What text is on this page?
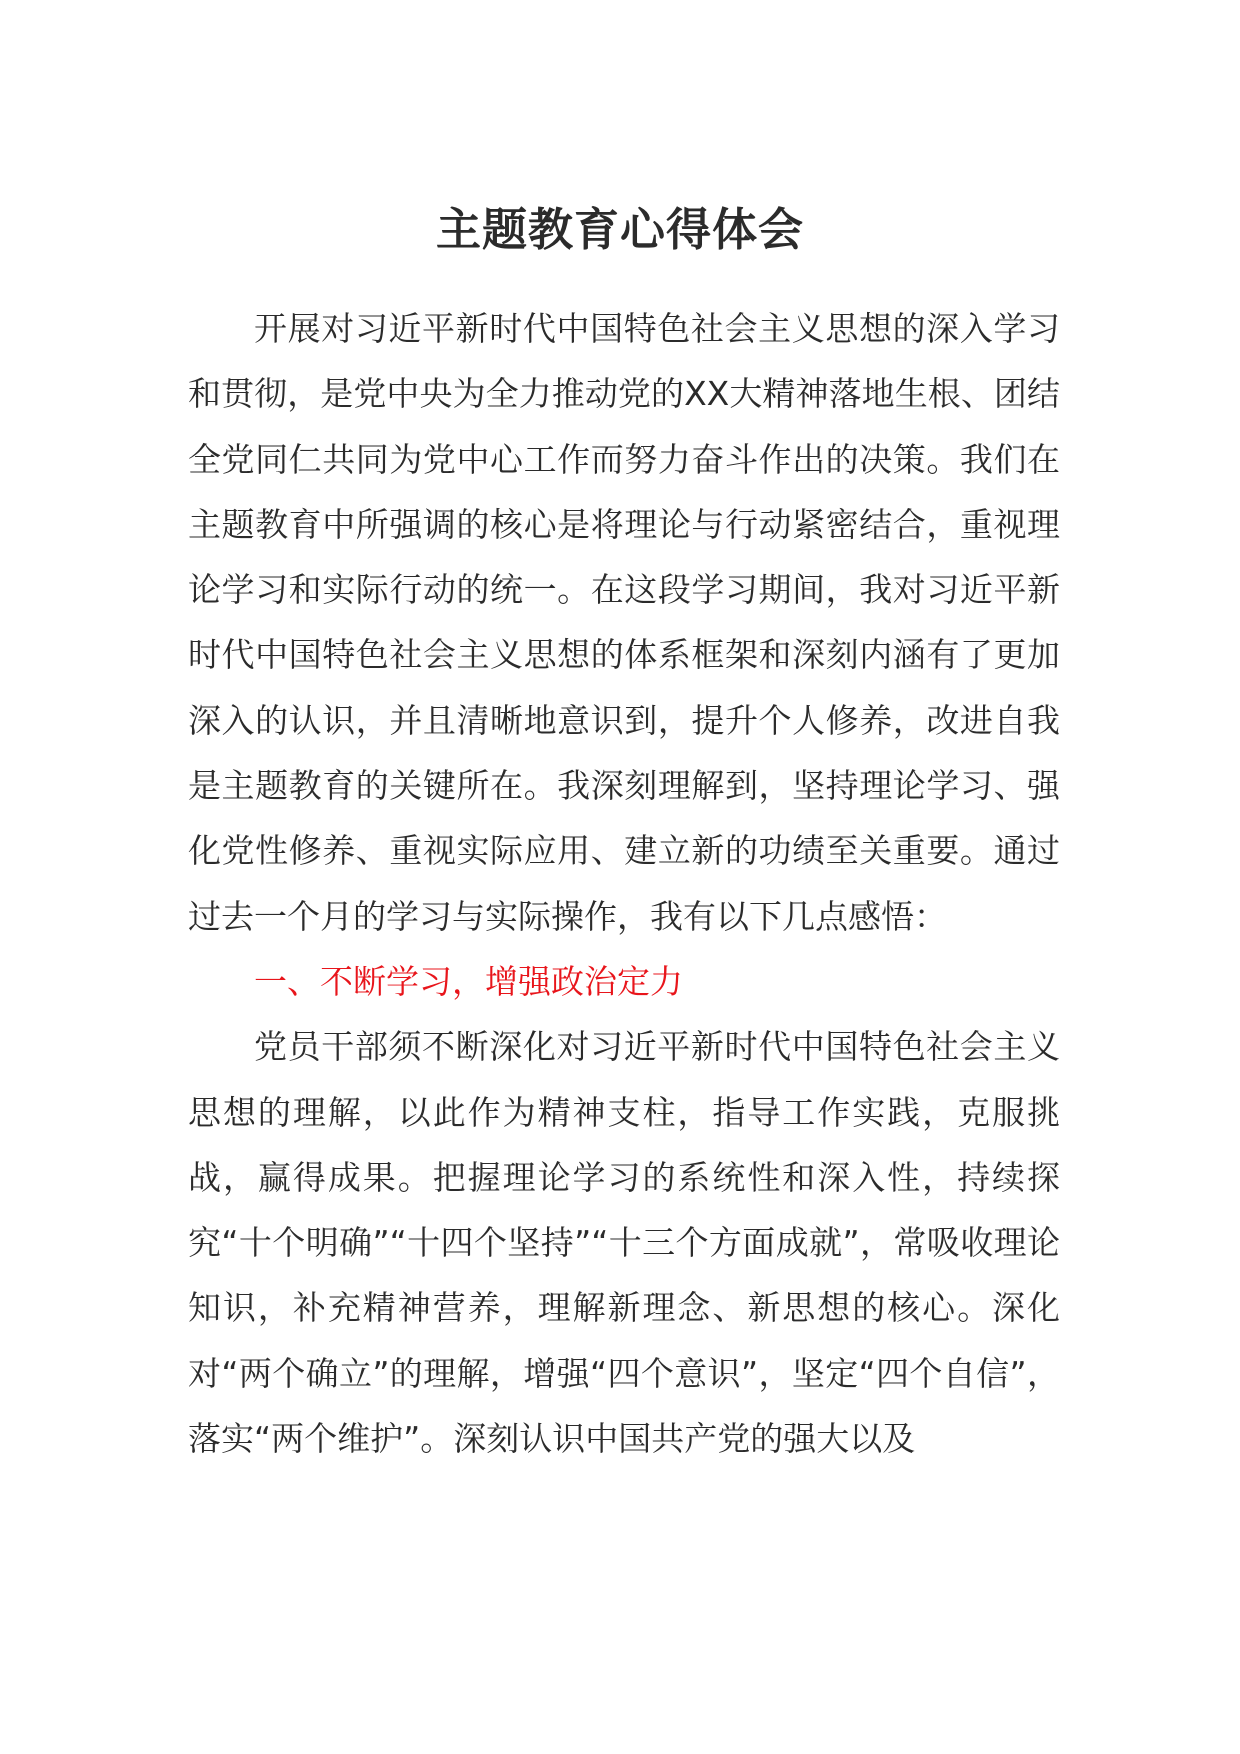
主题教育心得体会

开展对习近平新时代中国特色社会主义思想的深入学习和贯彻，是党中央为全力推动党的XX大精神落地生根、团结全党同仁共同为党中心工作而努力奋斗作出的决策。我们在主题教育中所强调的核心是将理论与行动紧密结合，重视理论学习和实际行动的统一。在这段学习期间，我对习近平新时代中国特色社会主义思想的体系框架和深刻内涵有了更加深入的认识，并且清晰地意识到，提升个人修养，改进自我是主题教育的关键所在。我深刻理解到，坚持理论学习、强化党性修养、重视实际应用、建立新的功绩至关重要。通过过去一个月的学习与实际操作，我有以下几点感悟：

一、不断学习，增强政治定力

党员干部须不断深化对习近平新时代中国特色社会主义思想的理解，以此作为精神支柱，指导工作实践，克服挑战，赢得成果。把握理论学习的系统性和深入性，持续探究“十个明确”“十四个坚持”“十三个方面成就”，常吸收理论知识，补充精神营养，理解新理念、新思想的核心。深化对“两个确立”的理解，增强“四个意识”，坚定“四个自信”，落实“两个维护”。深刻认识中国共产党的强大以及
